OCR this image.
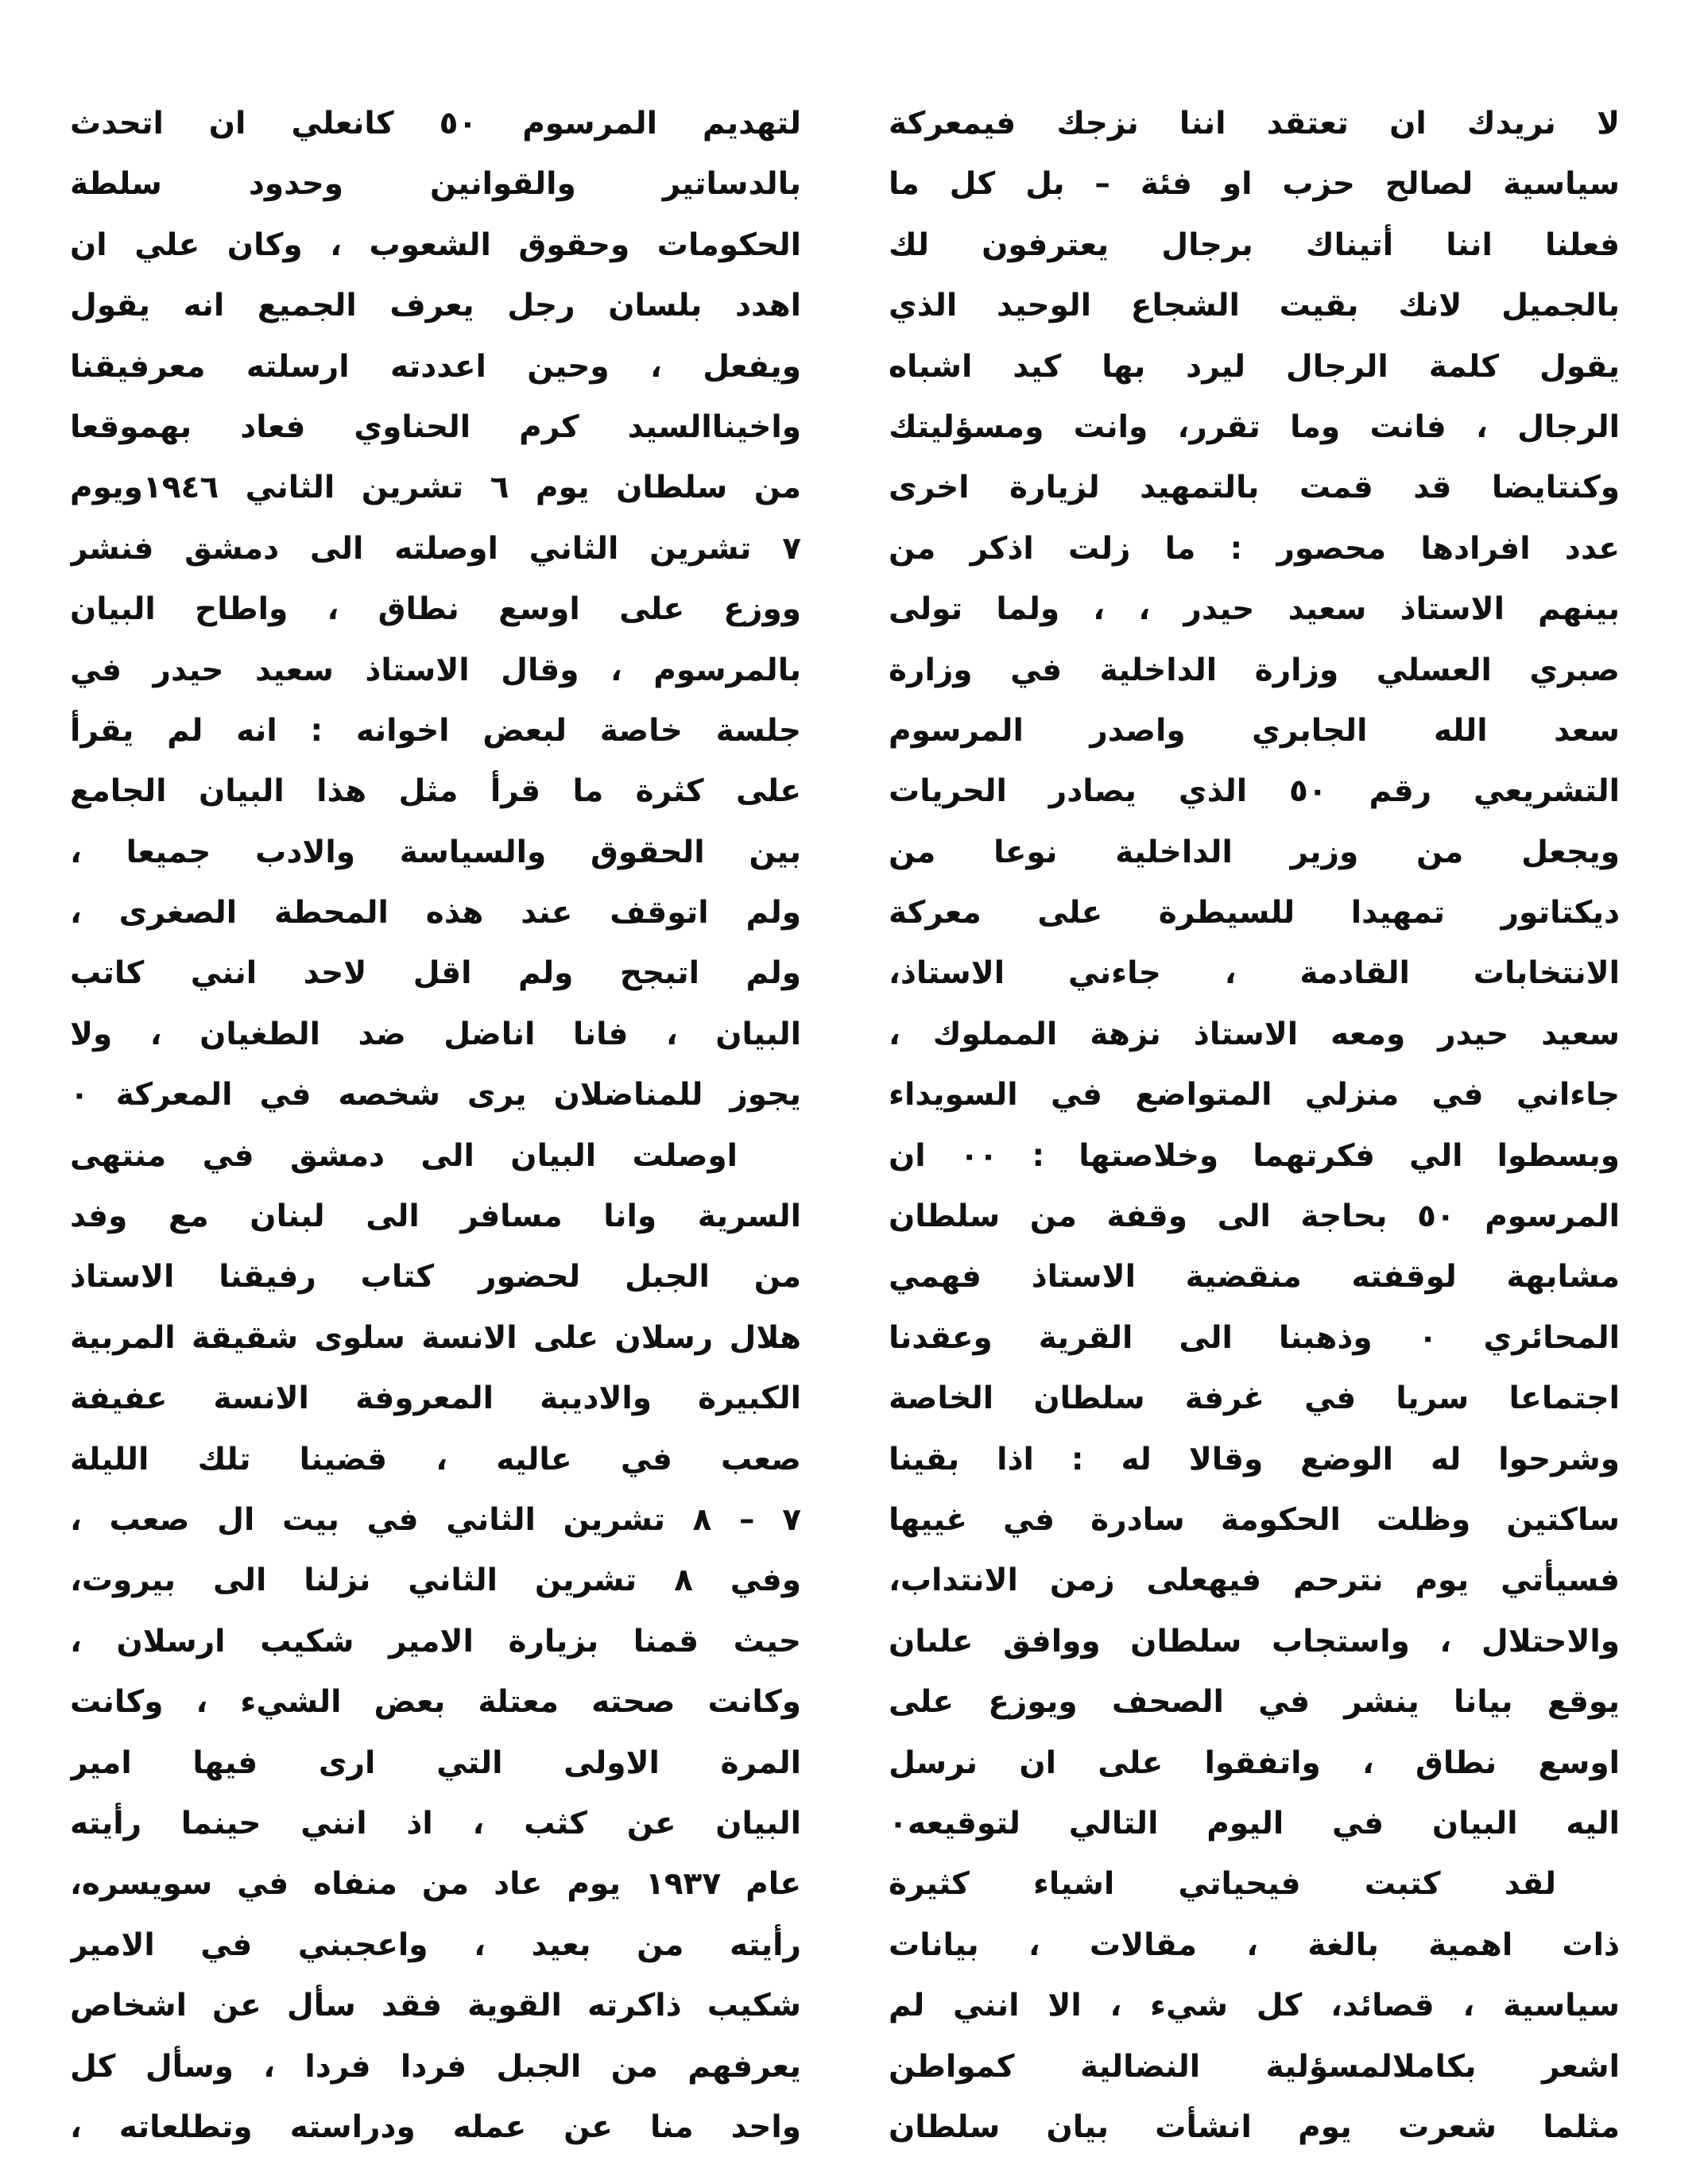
لا نريدك ان تعتقد اننا نزجك فيمعركة
سياسية لصالح حزب او فئة – بل كل ما
فعلنا اننا أتيناك برجال يعترفون لك
بالجميل لانك بقيت الشجاع الوحيد الذي
يقول كلمة الرجال ليرد بها كيد اشباه
الرجال ، فانت وما تقرر، وانت ومسؤليتك
وكنتايضا قد قمت بالتمهيد لزيارة اخرى
عدد افرادها محصور : ما زلت اذكر من
بينهم الاستاذ سعيد حيدر ، ، ولما تولى
صبري العسلي وزارة الداخلية في وزارة
سعد الله الجابري واصدر المرسوم
التشريعي رقم ٥٠ الذي يصادر الحريات
ويجعل من وزير الداخلية نوعا من
ديكتاتور تمهيدا للسيطرة على معركة
الانتخابات القادمة ، جاءني الاستاذ،
سعيد حيدر ومعه الاستاذ نزهة المملوك ،
جاءاني في منزلي المتواضع في السويداء
وبسطوا الي فكرتهما وخلاصتها : ٠٠ ان
المرسوم ٥٠ بحاجة الى وقفة من سلطان
مشابهة لوقفته منقضية الاستاذ فهمي
المحائري ٠ وذهبنا الى القرية وعقدنا
اجتماعا سريا في غرفة سلطان الخاصة
وشرحوا له الوضع وقالا له : اذا بقينا
ساكتين وظلت الحكومة سادرة في غييها
فسيأتي يوم نترحم فيهعلى زمن الانتداب،
والاحتلال ، واستجاب سلطان ووافق علىان
يوقع بيانا ينشر في الصحف ويوزع على
اوسع نطاق ، واتفقوا على ان نرسل
اليه البيان في اليوم التالي لتوقيعه٠
لقد كتبت فيحياتي اشياء كثيرة
ذات اهمية بالغة ، مقالات ، بيانات
سياسية ، قصائد، كل شيء ، الا انني لم
اشعر بكاملالمسؤلية النضالية كمواطن
مثلما شعرت يوم انشأت بيان سلطان
لتهديم المرسوم ٥٠ كانعلي ان اتحدث
بالدساتير والقوانين وحدود سلطة
الحكومات وحقوق الشعوب ، وكان علي ان
اهدد بلسان رجل يعرف الجميع انه يقول
ويفعل ، وحين اعددته ارسلته معرفيقنا
واخيناالسيد كرم الحناوي فعاد بهموقعا
من سلطان يوم ٦ تشرين الثاني ١٩٤٦ويوم
٧ تشرين الثاني اوصلته الى دمشق فنشر
ووزع على اوسع نطاق ، واطاح البيان
بالمرسوم ، وقال الاستاذ سعيد حيدر في
جلسة خاصة لبعض اخوانه : انه لم يقرأ
على كثرة ما قرأ مثل هذا البيان الجامع
بين الحقوق والسياسة والادب جميعا ،
ولم اتوقف عند هذه المحطة الصغرى ،
ولم اتبجح ولم اقل لاحد انني كاتب
البيان ، فانا اناضل ضد الطغيان ، ولا
يجوز للمناضلان يرى شخصه في المعركة ٠
اوصلت البيان الى دمشق في منتهى
السرية وانا مسافر الى لبنان مع وفد
من الجبل لحضور كتاب رفيقنا الاستاذ
هلال رسلان على الانسة سلوى شقيقة المربية
الكبيرة والاديبة المعروفة الانسة عفيفة
صعب في عاليه ، قضينا تلك الليلة
٧ – ٨ تشرين الثاني في بيت ال صعب ،
وفي ٨ تشرين الثاني نزلنا الى بيروت،
حيث قمنا بزيارة الامير شكيب ارسلان ،
وكانت صحته معتلة بعض الشيء ، وكانت
المرة الاولى التي ارى فيها امير
البيان عن كثب ، اذ انني حينما رأيته
عام ١٩٣٧ يوم عاد من منفاه في سويسره،
رأيته من بعيد ، واعجبني في الامير
شكيب ذاكرته القوية فقد سأل عن اشخاص
يعرفهم من الجبل فردا فردا ، وسأل كل
واحد منا عن عمله ودراسته وتطلعاته ،
